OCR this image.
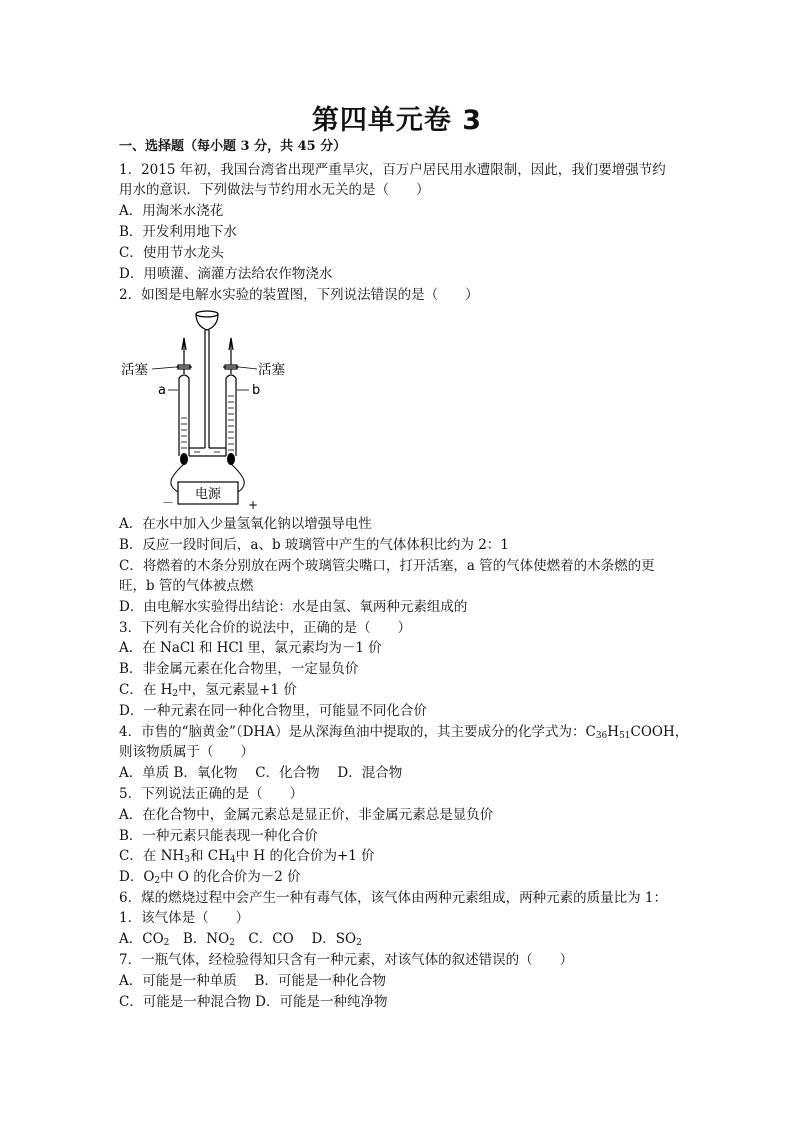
第四单元卷 3
一、选择题（每小题 3 分，共 45 分）
1．2015 年初，我国台湾省出现严重旱灾，百万户居民用水遭限制，因此，我们要增强节约
用水的意识．下列做法与节约用水无关的是（　　）
A．用淘米水浇花
B．开发利用地下水
C．使用节水龙头
D．用喷灌、滴灌方法给农作物浇水
2．如图是电解水实验的装置图，下列说法错误的是（　　）
电源
－	+
活塞	活塞
a	b
A．在水中加入少量氢氧化钠以增强导电性
B．反应一段时间后，a、b 玻璃管中产生的气体体积比约为 2：1
C．将燃着的木条分别放在两个玻璃管尖嘴口，打开活塞，a 管的气体使燃着的木条燃的更
旺，b 管的气体被点燃
D．由电解水实验得出结论：水是由氢、氧两种元素组成的
3．下列有关化合价的说法中，正确的是（　　）
A．在 NaCl 和 HCl 里，氯元素均为－1 价
B．非金属元素在化合物里，一定显负价
C．在 $H_2$中，氢元素显+1 价
D．一种元素在同一种化合物里，可能显不同化合价
4．市售的“脑黄金”（DHA）是从深海鱼油中提取的，其主要成分的化学式为：$C_{36}H_{51}COOH$，
则该物质属于（　　）
A．单质 B．氧化物　 C．化合物　 D．混合物
5．下列说法正确的是（　　）
A．在化合物中，金属元素总是显正价，非金属元素总是显负价
B．一种元素只能表现一种化合价
C．在 $NH_3$和 $CH_4$中 H 的化合价为+1 价
D．$O_2$中 O 的化合价为－2 价
6．煤的燃烧过程中会产生一种有毒气体，该气体由两种元素组成，两种元素的质量比为 1：
1．该气体是（　　）
A．$CO_2$　B．$NO_2$　C．CO　 D．$SO_2$
7．一瓶气体，经检验得知只含有一种元素，对该气体的叙述错误的（　　）
A．可能是一种单质　 B．可能是一种化合物
C．可能是一种混合物 D．可能是一种纯净物
